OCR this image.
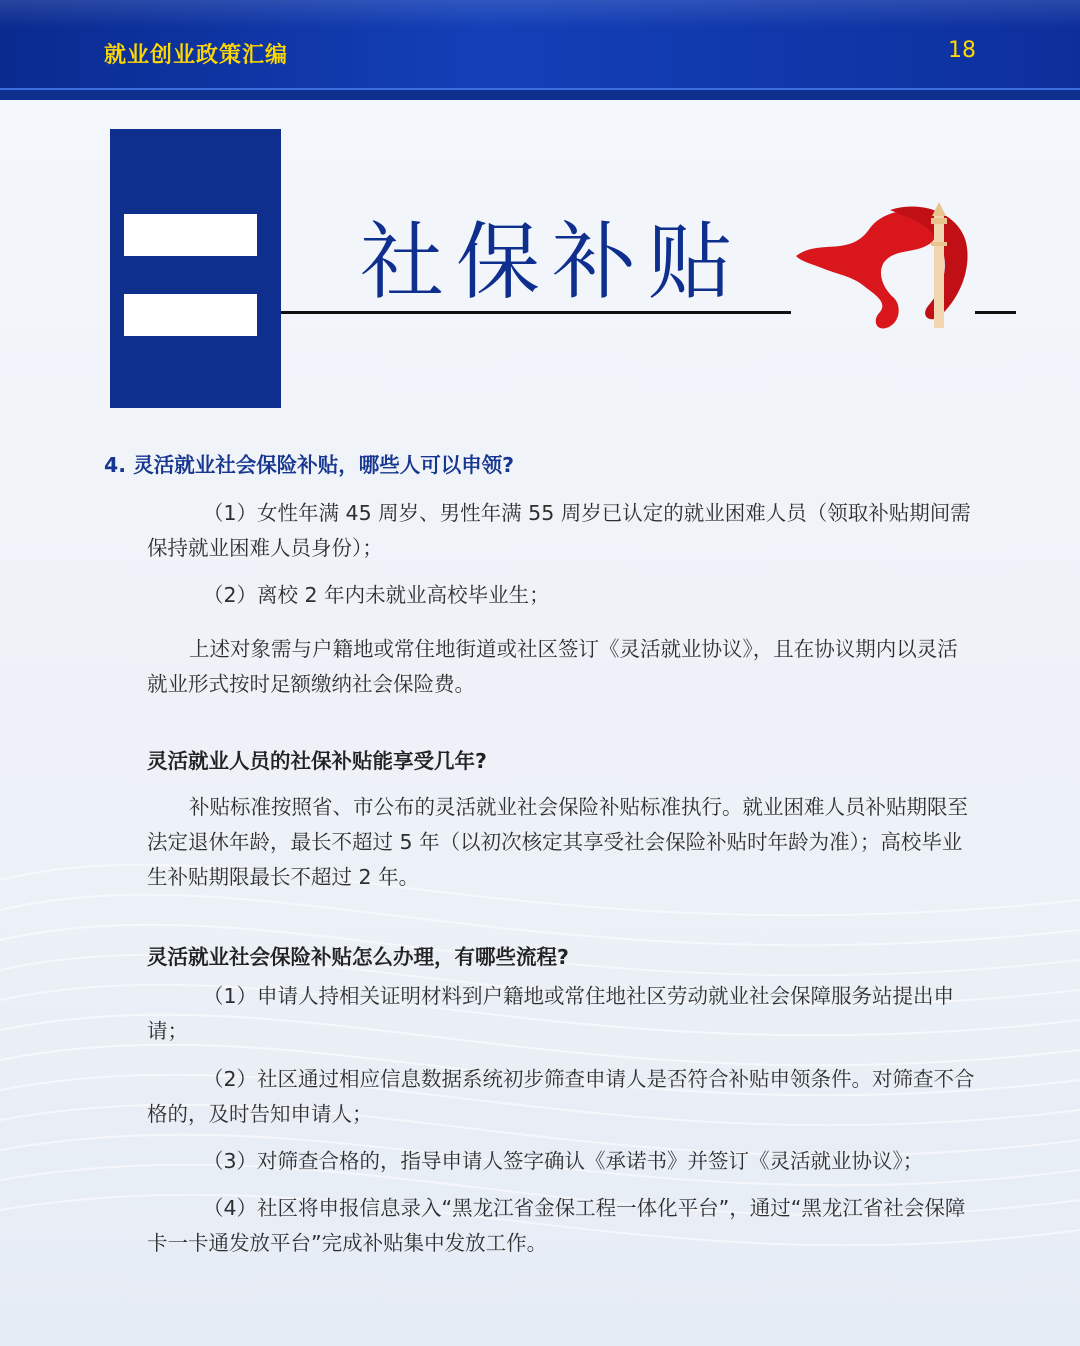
就业创业政策汇编	18
社保补贴
4. 灵活就业社会保险补贴，哪些人可以申领?
（1）女性年满 45 周岁、男性年满 55 周岁已认定的就业困难人员（领取补贴期间需保持就业困难人员身份）；
（2）离校 2 年内未就业高校毕业生；
上述对象需与户籍地或常住地街道或社区签订《灵活就业协议》，且在协议期内以灵活就业形式按时足额缴纳社会保险费。
灵活就业人员的社保补贴能享受几年?
补贴标准按照省、市公布的灵活就业社会保险补贴标准执行。就业困难人员补贴期限至法定退休年龄，最长不超过 5 年（以初次核定其享受社会保险补贴时年龄为准）；高校毕业生补贴期限最长不超过 2 年。
灵活就业社会保险补贴怎么办理，有哪些流程?
（1）申请人持相关证明材料到户籍地或常住地社区劳动就业社会保障服务站提出申请；
（2）社区通过相应信息数据系统初步筛查申请人是否符合补贴申领条件。对筛查不合格的，及时告知申请人；
（3）对筛查合格的，指导申请人签字确认《承诺书》并签订《灵活就业协议》；
（4）社区将申报信息录入“黑龙江省金保工程一体化平台”，通过“黑龙江省社会保障卡一卡通发放平台”完成补贴集中发放工作。
